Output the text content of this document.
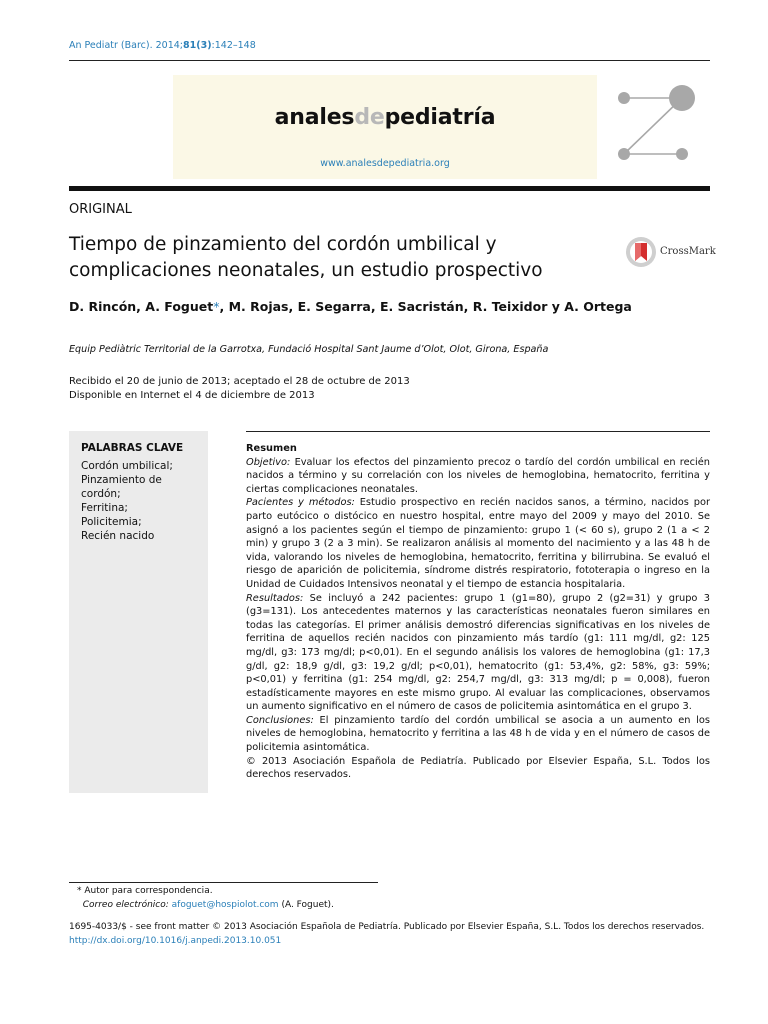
An Pediatr (Barc). 2014;81(3):142–148
analesdepediatría
www.analesdepediatria.org
ORIGINAL
Tiempo de pinzamiento del cordón umbilical y
complicaciones neonatales, un estudio prospectivo
CrossMark
D. Rincón, A. Foguet*, M. Rojas, E. Segarra, E. Sacristán, R. Teixidor y A. Ortega
Equip Pediàtric Territorial de la Garrotxa, Fundació Hospital Sant Jaume d’Olot, Olot, Girona, España
Recibido el 20 de junio de 2013; aceptado el 28 de octubre de 2013
Disponible en Internet el 4 de diciembre de 2013
PALABRAS CLAVE
Cordón umbilical;
Pinzamiento de cordón;
Ferritina;
Policitemia;
Recién nacido
Resumen

Objetivo: Evaluar los efectos del pinzamiento precoz o tardío del cordón umbilical en recién nacidos a término y su correlación con los niveles de hemoglobina, hematocrito, ferritina y ciertas complicaciones neonatales.

Pacientes y métodos: Estudio prospectivo en recién nacidos sanos, a término, nacidos por parto eutócico o distócico en nuestro hospital, entre mayo del 2009 y mayo del 2010. Se asignó a los pacientes según el tiempo de pinzamiento: grupo 1 (< 60 s), grupo 2 (1 a < 2 min) y grupo 3 (2 a 3 min). Se realizaron análisis al momento del nacimiento y a las 48 h de vida, valorando los niveles de hemoglobina, hematocrito, ferritina y bilirrubina. Se evaluó el riesgo de aparición de policitemia, síndrome distrés respiratorio, fototerapia o ingreso en la Unidad de Cuidados Intensivos neonatal y el tiempo de estancia hospitalaria.

Resultados: Se incluyó a 242 pacientes: grupo 1 (g1=80), grupo 2 (g2=31) y grupo 3 (g3=131). Los antecedentes maternos y las características neonatales fueron similares en todas las categorías. El primer análisis demostró diferencias significativas en los niveles de ferritina de aquellos recién nacidos con pinzamiento más tardío (g1: 111 mg/dl, g2: 125 mg/dl, g3: 173 mg/dl; p<0,01). En el segundo análisis los valores de hemoglobina (g1: 17,3 g/dl, g2: 18,9 g/dl, g3: 19,2 g/dl; p<0,01), hematocrito (g1: 53,4%, g2: 58%, g3: 59%; p<0,01) y ferritina (g1: 254 mg/dl, g2: 254,7 mg/dl, g3: 313 mg/dl; p = 0,008), fueron estadísticamente mayores en este mismo grupo. Al evaluar las complicaciones, observamos un aumento significativo en el número de casos de policitemia asintomática en el grupo 3.

Conclusiones: El pinzamiento tardío del cordón umbilical se asocia a un aumento en los niveles de hemoglobina, hematocrito y ferritina a las 48 h de vida y en el número de casos de policitemia asintomática.

© 2013 Asociación Española de Pediatría. Publicado por Elsevier España, S.L. Todos los derechos reservados.

* Autor para correspondencia.
Correo electrónico: afoguet@hospiolot.com (A. Foguet).
1695-4033/$ - see front matter © 2013 Asociación Española de Pediatría. Publicado por Elsevier España, S.L. Todos los derechos reservados.
http://dx.doi.org/10.1016/j.anpedi.2013.10.051
